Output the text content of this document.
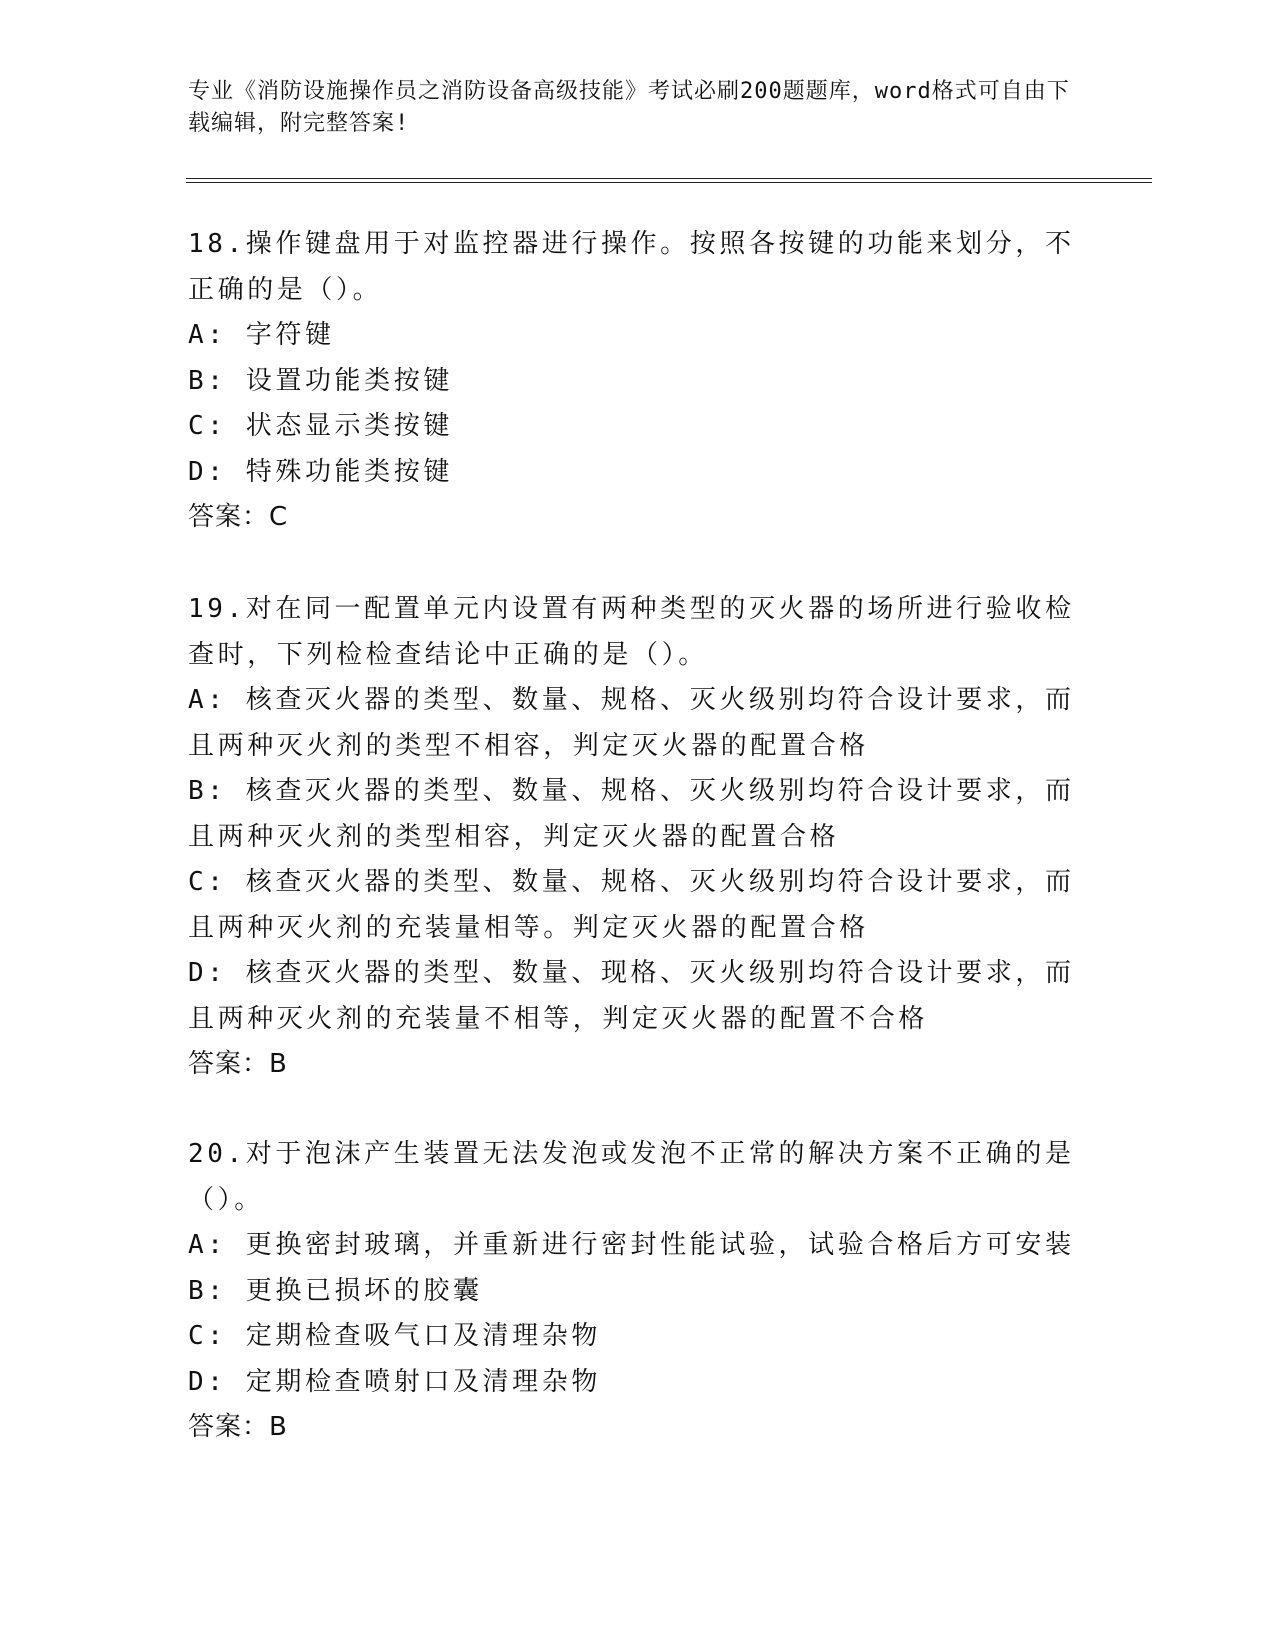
专业《消防设施操作员之消防设备高级技能》考试必刷200题题库，word格式可自由下载编辑，附完整答案!

18.操作键盘用于对监控器进行操作。按照各按键的功能来划分，不正确的是（）。

A: 字符键

B: 设置功能类按键

C: 状态显示类按键

D: 特殊功能类按键

答案：C

19.对在同一配置单元内设置有两种类型的灭火器的场所进行验收检查时，下列检检查结论中正确的是（）。

A: 核查灭火器的类型、数量、规格、灭火级别均符合设计要求，而且两种灭火剂的类型不相容，判定灭火器的配置合格

B: 核查灭火器的类型、数量、规格、灭火级别均符合设计要求，而且两种灭火剂的类型相容，判定灭火器的配置合格

C: 核查灭火器的类型、数量、规格、灭火级别均符合设计要求，而且两种灭火剂的充装量相等。判定灭火器的配置合格

D: 核查灭火器的类型、数量、现格、灭火级别均符合设计要求，而且两种灭火剂的充装量不相等，判定灭火器的配置不合格

答案：B

20.对于泡沫产生装置无法发泡或发泡不正常的解决方案不正确的是（）。

A: 更换密封玻璃，并重新进行密封性能试验，试验合格后方可安装

B: 更换已损坏的胶囊

C: 定期检查吸气口及清理杂物

D: 定期检查喷射口及清理杂物

答案：B
